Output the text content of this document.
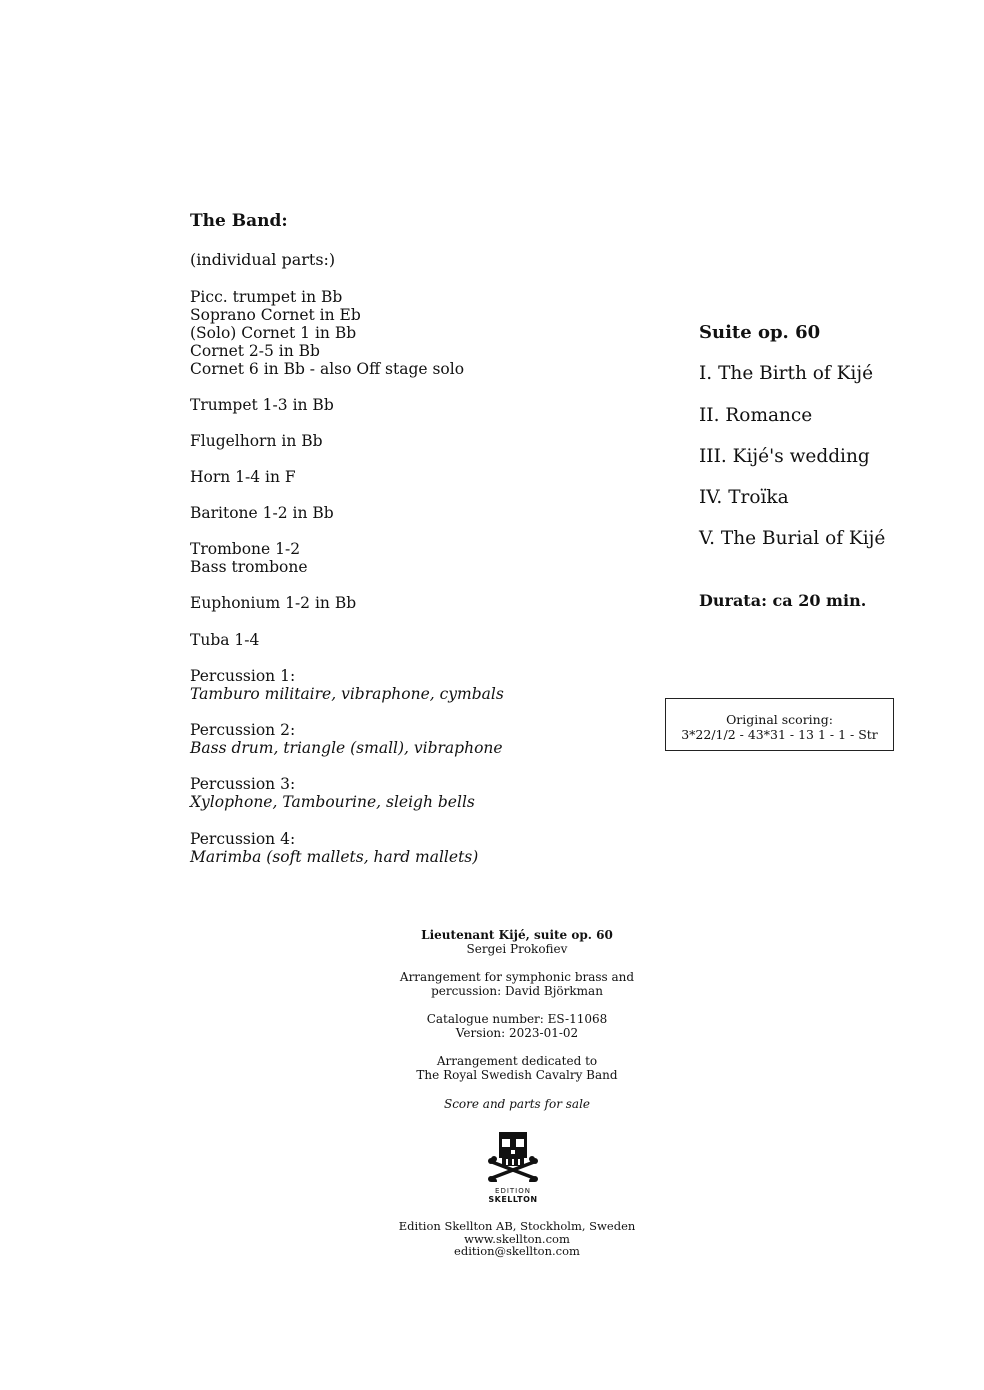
The Band:
(individual parts:)
Picc. trumpet in Bb
Soprano Cornet in Eb
(Solo) Cornet 1 in Bb
Cornet 2-5 in Bb
Cornet 6 in Bb - also Off stage solo
Trumpet 1-3 in Bb
Flugelhorn in Bb
Horn 1-4 in F
Baritone 1-2 in Bb
Trombone 1-2
Bass trombone
Euphonium 1-2 in Bb
Tuba 1-4
Percussion 1:
Tamburo militaire, vibraphone, cymbals
Percussion 2:
Bass drum, triangle (small), vibraphone
Percussion 3:
Xylophone, Tambourine, sleigh bells
Percussion 4:
Marimba (soft mallets, hard mallets)
Suite op. 60
I. The Birth of Kijé
II. Romance
III. Kijé's wedding
IV. Troïka
V. The Burial of Kijé
Durata: ca 20 min.
Original scoring:
3*22/1/2 - 43*31 - 13 1 - 1 - Str
Lieutenant Kijé, suite op. 60
Sergei Prokofiev
Arrangement for symphonic brass and
percussion: David Björkman
Catalogue number: ES-11068
Version: 2023-01-02
Arrangement dedicated to
The Royal Swedish Cavalry Band
Score and parts for sale
EDITION
SKELLTON
Edition Skellton AB, Stockholm, Sweden
www.skellton.com
edition@skellton.com
